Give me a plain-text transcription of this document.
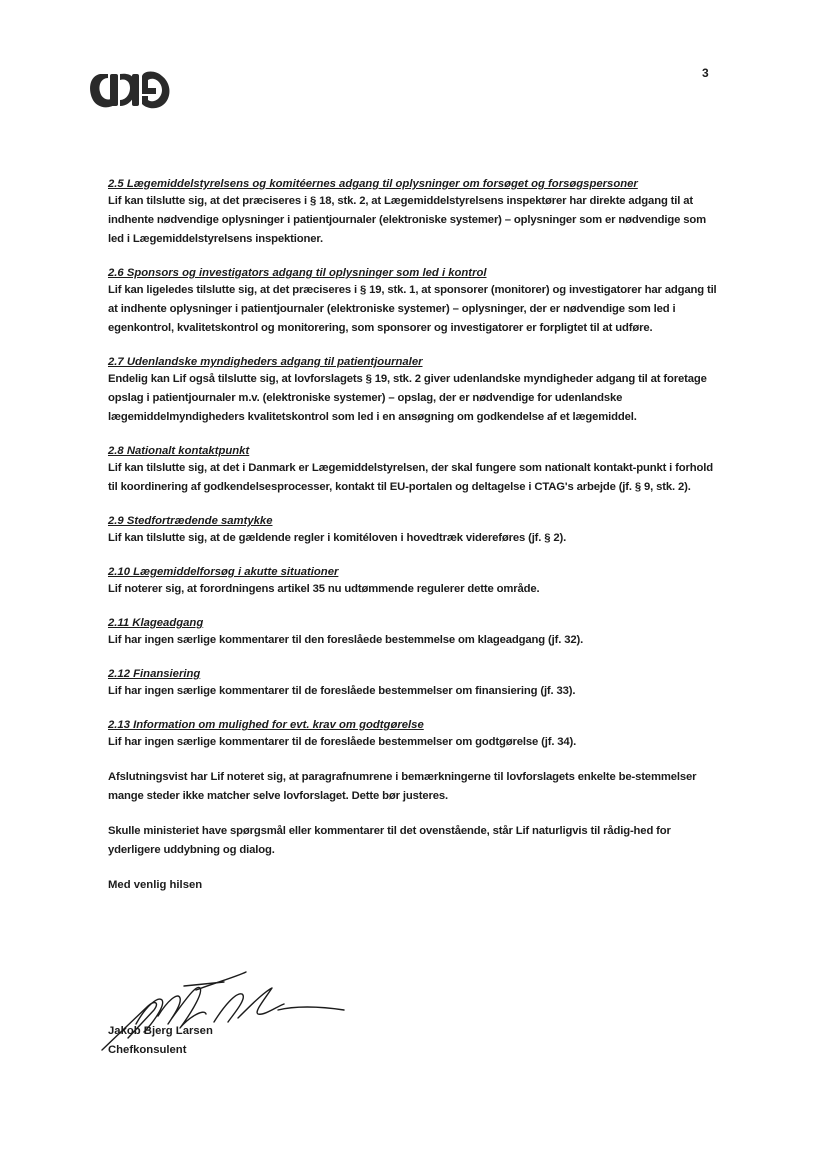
3
2.5 Lægemiddelstyrelsens og komitéernes adgang til oplysninger om forsøget og forsøgspersoner
Lif kan tilslutte sig, at det præciseres i § 18, stk. 2, at Lægemiddelstyrelsens inspektører har direkte adgang til at indhente nødvendige oplysninger i patientjournaler (elektroniske systemer) – oplysninger som er nødvendige som led i Lægemiddelstyrelsens inspektioner.
2.6 Sponsors og investigators adgang til oplysninger som led i kontrol
Lif kan ligeledes tilslutte sig, at det præciseres i § 19, stk. 1, at sponsorer (monitorer) og investigatorer har adgang til at indhente oplysninger i patientjournaler (elektroniske systemer) – oplysninger, der er nødvendige som led i egenkontrol, kvalitetskontrol og monitorering, som sponsorer og investigatorer er forpligtet til at udføre.
2.7 Udenlandske myndigheders adgang til patientjournaler
Endelig kan Lif også tilslutte sig, at lovforslagets § 19, stk. 2 giver udenlandske myndigheder adgang til at foretage opslag i patientjournaler m.v. (elektroniske systemer) – opslag, der er nødvendige for udenlandske lægemiddelmyndigheders kvalitetskontrol som led i en ansøgning om godkendelse af et lægemiddel.
2.8 Nationalt kontaktpunkt
Lif kan tilslutte sig, at det i Danmark er Lægemiddelstyrelsen, der skal fungere som nationalt kontakt-punkt i forhold til koordinering af godkendelsesprocesser, kontakt til EU-portalen og deltagelse i CTAG's arbejde (jf. § 9, stk. 2).
2.9 Stedfortrædende samtykke
Lif kan tilslutte sig, at de gældende regler i komitéloven i hovedtræk videreføres (jf. § 2).
2.10 Lægemiddelforsøg i akutte situationer
Lif noterer sig, at forordningens artikel 35 nu udtømmende regulerer dette område.
2.11 Klageadgang
Lif har ingen særlige kommentarer til den foreslåede bestemmelse om klageadgang (jf. 32).
2.12 Finansiering
Lif har ingen særlige kommentarer til de foreslåede bestemmelser om finansiering (jf. 33).
2.13 Information om mulighed for evt. krav om godtgørelse
Lif har ingen særlige kommentarer til de foreslåede bestemmelser om godtgørelse (jf. 34).
Afslutningsvist har Lif noteret sig, at paragrafnumrene i bemærkningerne til lovforslagets enkelte be-stemmelser mange steder ikke matcher selve lovforslaget. Dette bør justeres.
Skulle ministeriet have spørgsmål eller kommentarer til det ovenstående, står Lif naturligvis til rådig-hed for yderligere uddybning og dialog.
Med venlig hilsen
Jakob Bjerg Larsen
Chefkonsulent
